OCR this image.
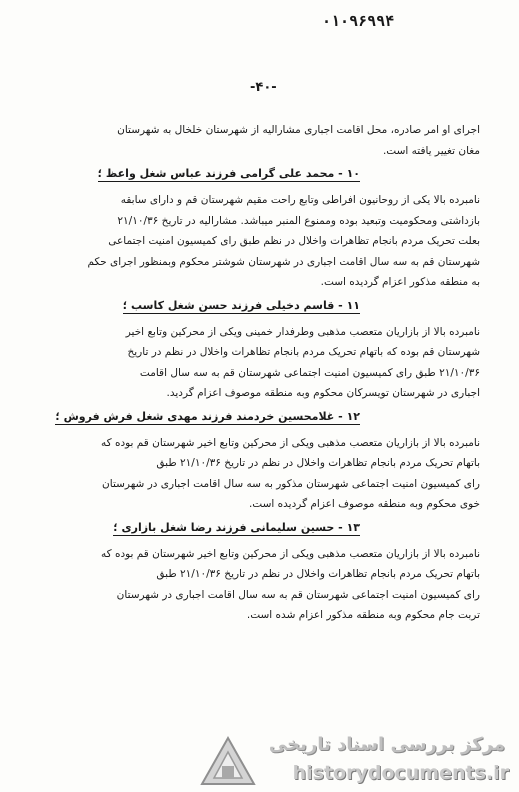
۰۱۰۹۶۹۹۴
-۴۰-
اجرای او امر صادره، محل اقامت اجباری مشارالیه از شهرستان خلخال به شهرستان
مغان تغییر یافته است.
۱۰ - محمد علی گرامی فرزند عباس شغل واعظ ؛
نامبرده بالا یکی از روحانیون افراطی وتابع راحت مقیم شهرستان قم و دارای سابقه
بازداشتی ومحکومیت وتبعید بوده وممنوع المنبر میباشد. مشارالیه در تاریخ ۲۱/۱۰/۳۶
بعلت تحریک مردم بانجام تظاهرات واخلال در نظم طبق رای کمیسیون امنیت اجتماعی
شهرستان قم به سه سال اقامت اجباری در شهرستان شوشتر محکوم وبمنظور اجرای حکم
به منطقه مذکور اعزام گردیده است.
۱۱ - قاسم دخیلی فرزند حسن شغل کاسب ؛
نامبرده بالا از بازاریان متعصب مذهبی وطرفدار خمینی ویکی از محرکین وتابع اخیر
شهرستان قم بوده که باتهام تحریک مردم بانجام تظاهرات واخلال در نظم در تاریخ
۲۱/۱۰/۳۶ طبق رای کمیسیون امنیت اجتماعی شهرستان قم به سه سال اقامت
اجباری در شهرستان تویسرکان محکوم وبه منطقه موصوف اعزام گردید.
۱۲ - غلامحسین خردمند فرزند مهدی شغل فرش فروش ؛
نامبرده بالا از بازاریان متعصب مذهبی ویکی از محرکین وتابع اخیر شهرستان قم بوده که
باتهام تحریک مردم بانجام تظاهرات واخلال در نظم در تاریخ ۲۱/۱۰/۳۶ طبق
رای کمیسیون امنیت اجتماعی شهرستان مذکور به سه سال اقامت اجباری در شهرستان
خوی محکوم وبه منطقه موصوف اعزام گردیده است.
۱۳ - حسین سلیمانی فرزند رضا شغل بازاری ؛
نامبرده بالا از بازاریان متعصب مذهبی ویکی از محرکین وتابع اخیر شهرستان قم بوده که
باتهام تحریک مردم بانجام تظاهرات واخلال در نظم در تاریخ ۲۱/۱۰/۳۶ طبق
رای کمیسیون امنیت اجتماعی شهرستان قم به سه سال اقامت اجباری در شهرستان
تربت جام محکوم وبه منطقه مذکور اعزام شده است.
مرکز بررسی اسناد تاریخی
historydocuments.ir
